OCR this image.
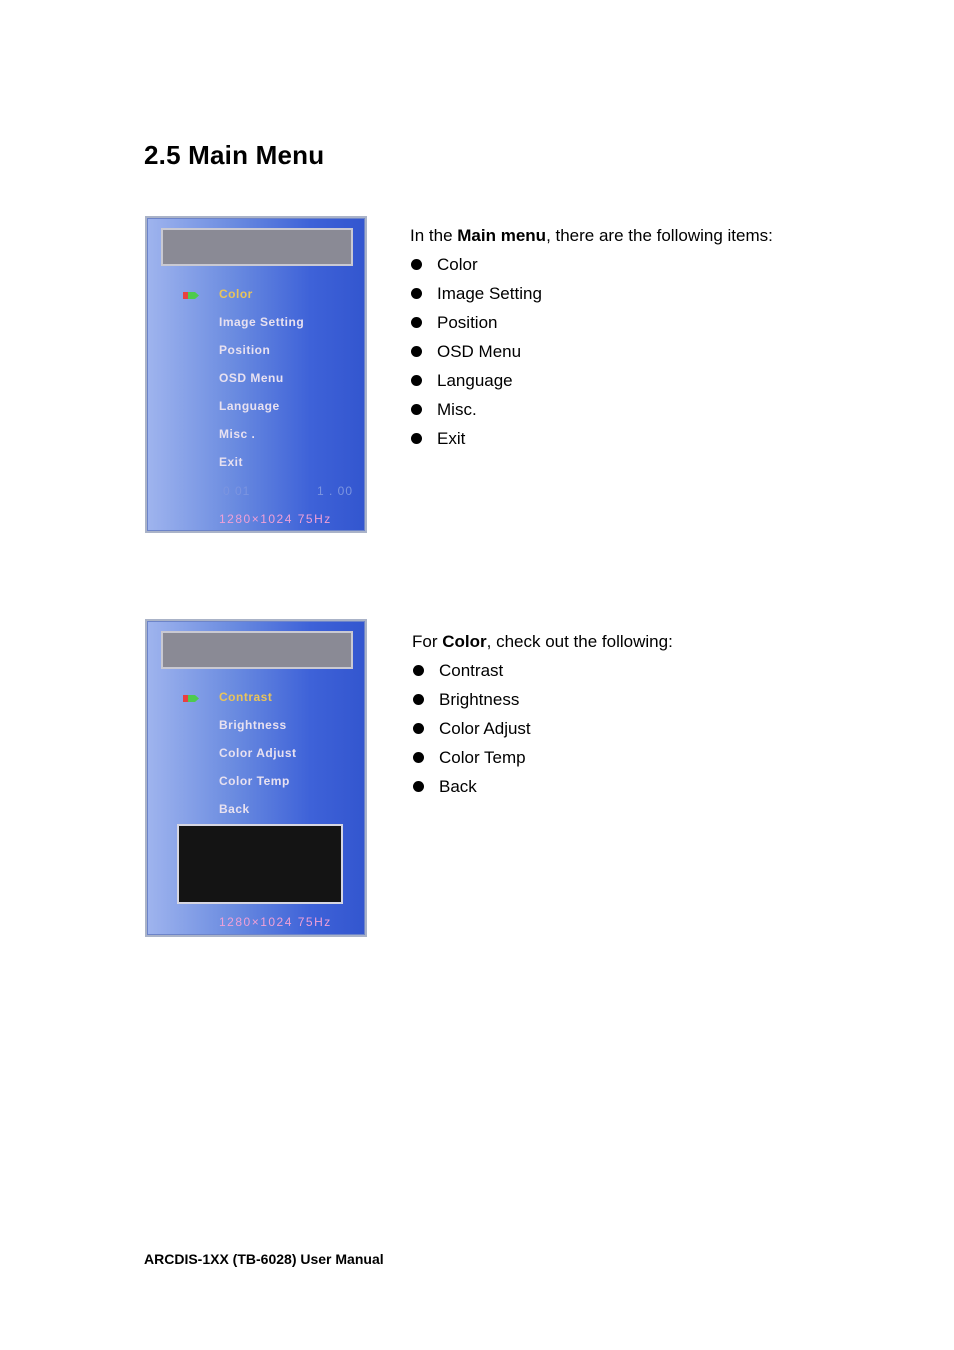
2.5 Main Menu
Color
Image Setting
Position
OSD Menu
Language
Misc .
Exit
0 01	1 . 00
1280×1024 75Hz

In the Main menu, there are the following items:

Color
Image Setting
Position
OSD Menu
Language
Misc.
Exit
Contrast
Brightness
Color Adjust
Color Temp
Back
1280×1024 75Hz

For Color, check out the following:

Contrast
Brightness
Color Adjust
Color Temp
Back
ARCDIS-1XX (TB-6028) User Manual
